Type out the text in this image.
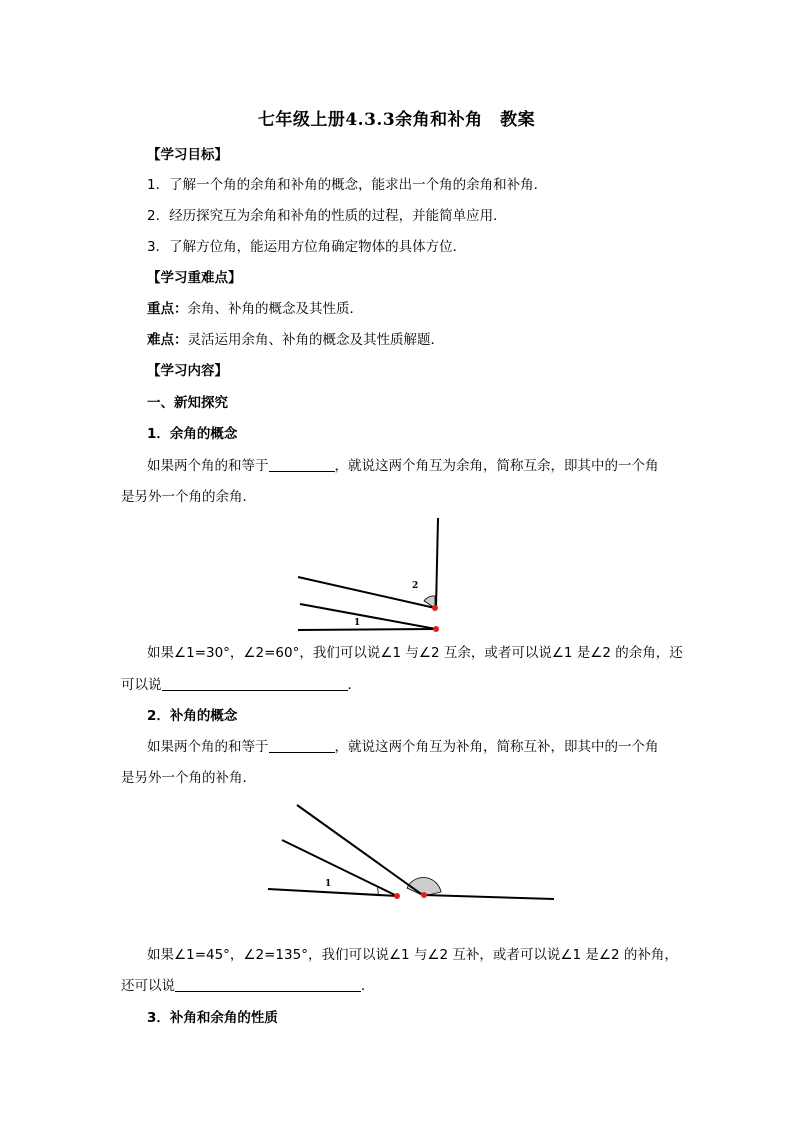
七年级上册4.3.3余角和补角　教案
【学习目标】
1．了解一个角的余角和补角的概念，能求出一个角的余角和补角．
2．经历探究互为余角和补角的性质的过程，并能简单应用．
3．了解方位角，能运用方位角确定物体的具体方位．
【学习重难点】
重点：余角、补角的概念及其性质．
难点：灵活运用余角、补角的概念及其性质解题．
【学习内容】
一、新知探究
1．余角的概念
如果两个角的和等于	，就说这两个角互为余角，简称互余，即其中的一个角
是另外一个角的余角．
2
1
如果∠1=30°，∠2=60°，我们可以说∠1 与∠2 互余，或者可以说∠1 是∠2 的余角，还
可以说	．
2．补角的概念
如果两个角的和等于	，就说这两个角互为补角，简称互补，即其中的一个角
是另外一个角的补角．
1
如果∠1=45°，∠2=135°，我们可以说∠1 与∠2 互补，或者可以说∠1 是∠2 的补角，
还可以说	．
3．补角和余角的性质
